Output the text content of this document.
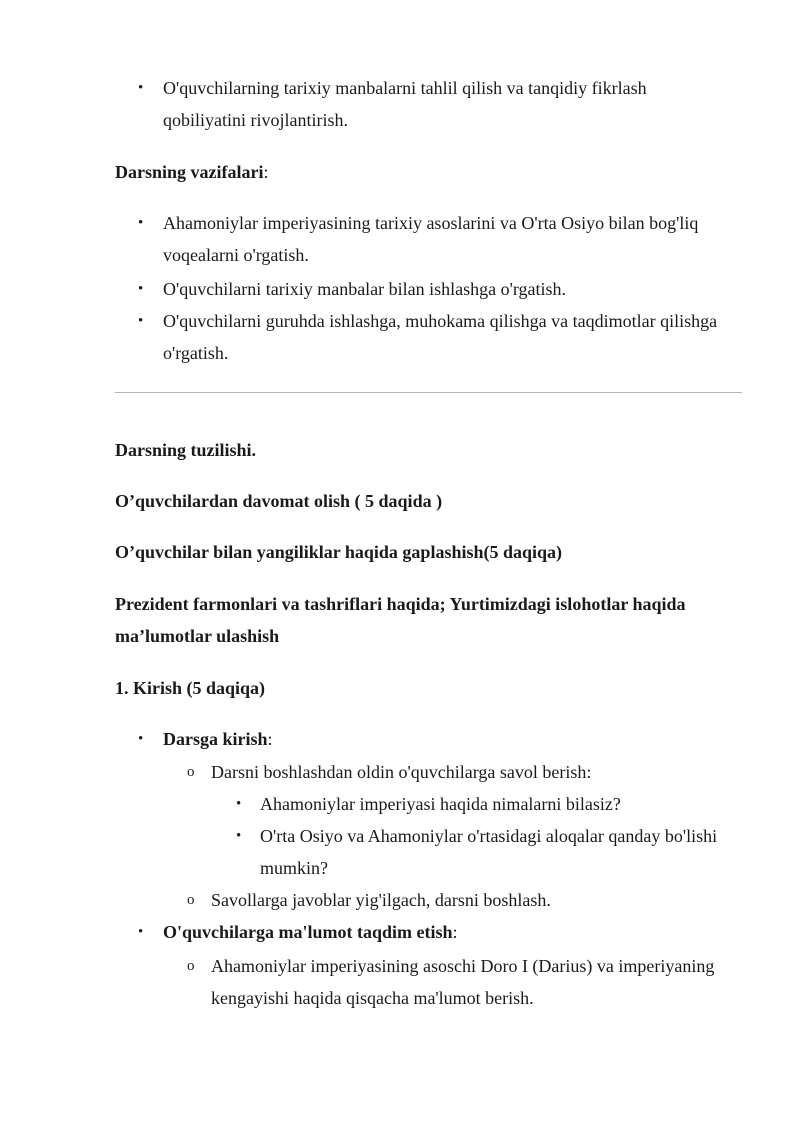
• O'quvchilarning tarixiy manbalarni tahlil qilish va tanqidiy fikrlash qobiliyatini rivojlantirish.
Darsning vazifalari:
• Ahamoniylar imperiyasining tarixiy asoslarini va O'rta Osiyo bilan bog'liq voqealarni o'rgatish.
• O'quvchilarni tarixiy manbalar bilan ishlashga o'rgatish.
• O'quvchilarni guruhda ishlashga, muhokama qilishga va taqdimotlar qilishga o'rgatish.
Darsning tuzilishi.
O’quvchilardan davomat olish ( 5 daqida )
O’quvchilar bilan yangiliklar haqida gaplashish(5 daqiqa)
Prezident farmonlari va tashriflari haqida; Yurtimizdagi islohotlar haqida ma’lumotlar ulashish
1. Kirish (5 daqiqa)
• Darsga kirish:
o Darsni boshlashdan oldin o'quvchilarga savol berish:
• Ahamoniylar imperiyasi haqida nimalarni bilasiz?
• O'rta Osiyo va Ahamoniylar o'rtasidagi aloqalar qanday bo'lishi mumkin?
o Savollarga javoblar yig'ilgach, darsni boshlash.
• O'quvchilarga ma'lumot taqdim etish:
o Ahamoniylar imperiyasining asoschi Doro I (Darius) va imperiyaning kengayishi haqida qisqacha ma'lumot berish.
